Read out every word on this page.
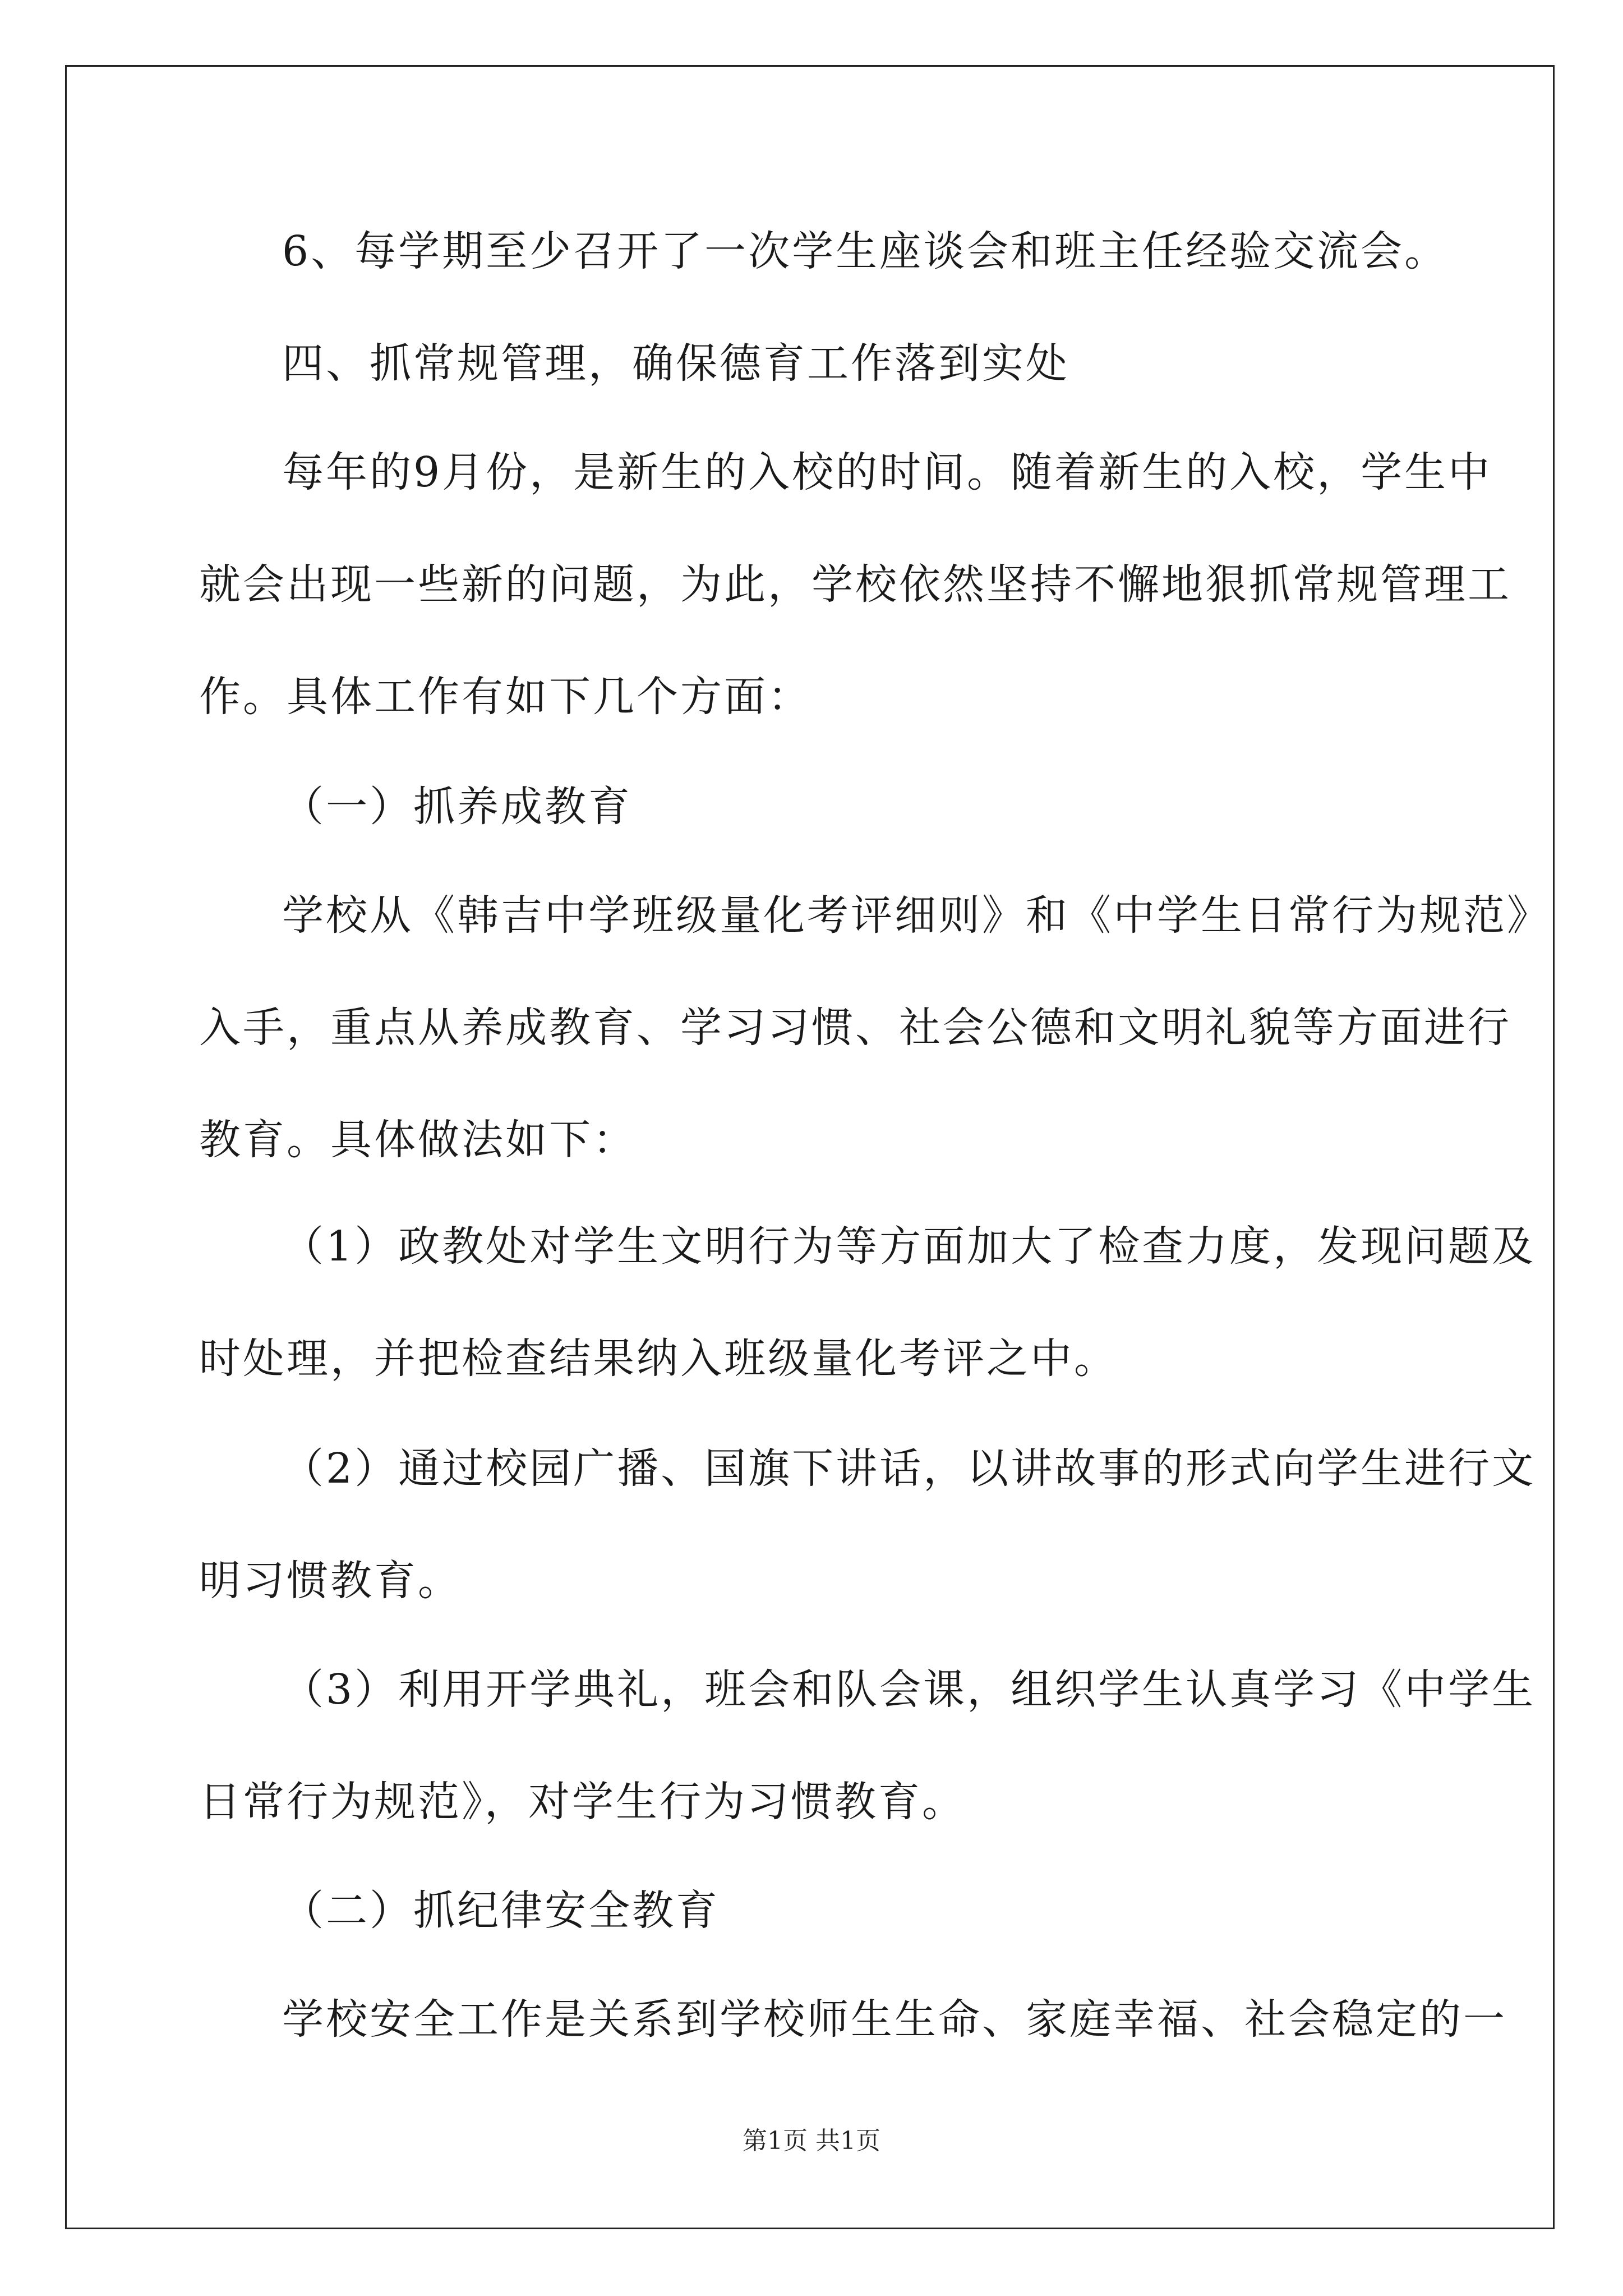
6、每学期至少召开了一次学生座谈会和班主任经验交流会。
四、抓常规管理，确保德育工作落到实处
每年的9月份，是新生的入校的时间。随着新生的入校，学生中
就会出现一些新的问题，为此，学校依然坚持不懈地狠抓常规管理工
作。具体工作有如下几个方面：
（一）抓养成教育
学校从《韩吉中学班级量化考评细则》和《中学生日常行为规范》
入手，重点从养成教育、学习习惯、社会公德和文明礼貌等方面进行
教育。具体做法如下：
（1）政教处对学生文明行为等方面加大了检查力度，发现问题及
时处理，并把检查结果纳入班级量化考评之中。
（2）通过校园广播、国旗下讲话，以讲故事的形式向学生进行文
明习惯教育。
（3）利用开学典礼，班会和队会课，组织学生认真学习《中学生
日常行为规范》，对学生行为习惯教育。
（二）抓纪律安全教育
学校安全工作是关系到学校师生生命、家庭幸福、社会稳定的一
第1页 共1页
